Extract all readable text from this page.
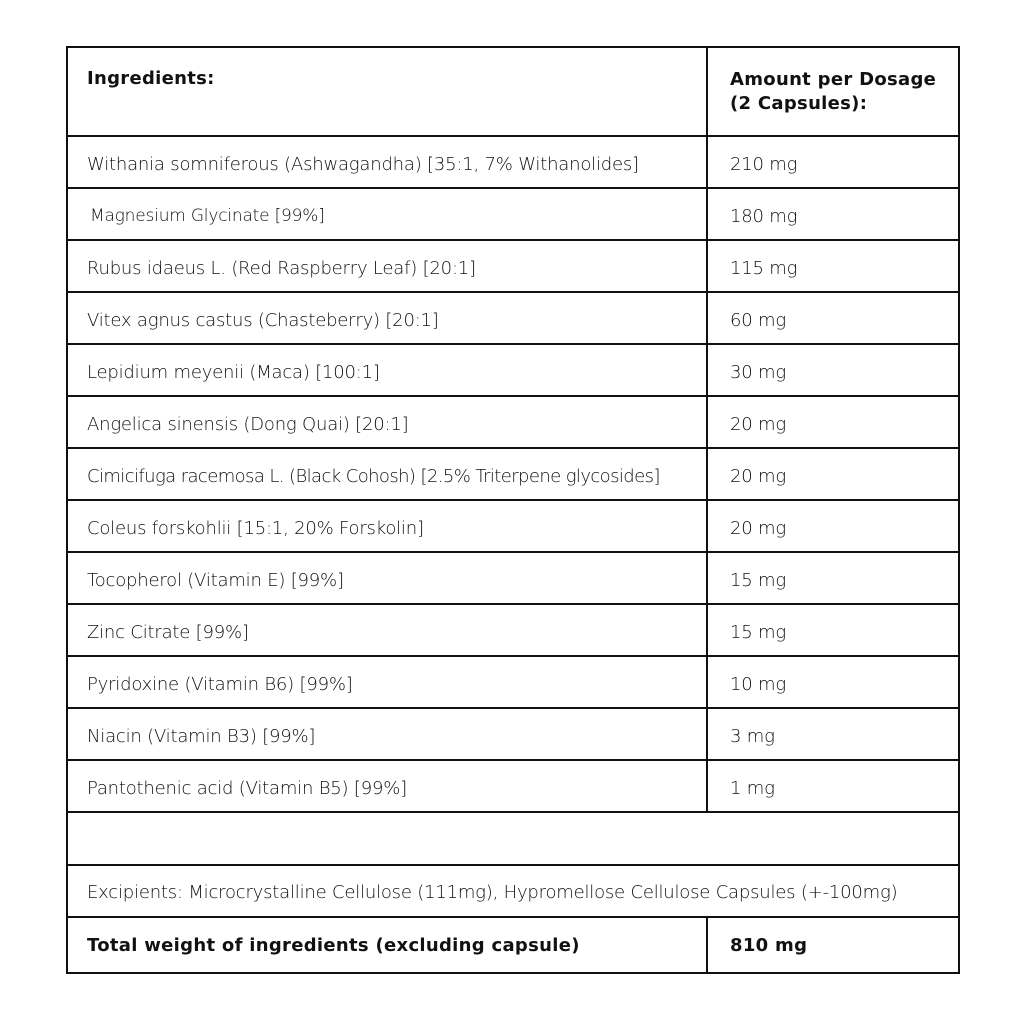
Ingredients:	Amount per Dosage (2 Capsules):
Withania somniferous (Ashwagandha) [35:1, 7% Withanolides]	210 mg
Magnesium Glycinate [99%]	180 mg
Rubus idaeus L. (Red Raspberry Leaf) [20:1]	115 mg
Vitex agnus castus (Chasteberry) [20:1]	60 mg
Lepidium meyenii (Maca) [100:1]	30 mg
Angelica sinensis (Dong Quai) [20:1]	20 mg
Cimicifuga racemosa L. (Black Cohosh) [2.5% Triterpene glycosides]	20 mg
Coleus forskohlii [15:1, 20% Forskolin]	20 mg
Tocopherol (Vitamin E) [99%]	15 mg
Zinc Citrate [99%]	15 mg
Pyridoxine (Vitamin B6) [99%]	10 mg
Niacin (Vitamin B3) [99%]	3 mg
Pantothenic acid (Vitamin B5) [99%]	1 mg

Excipients: Microcrystalline Cellulose (111mg), Hypromellose Cellulose Capsules (+-100mg)	
Total weight of ingredients (excluding capsule)	810 mg
